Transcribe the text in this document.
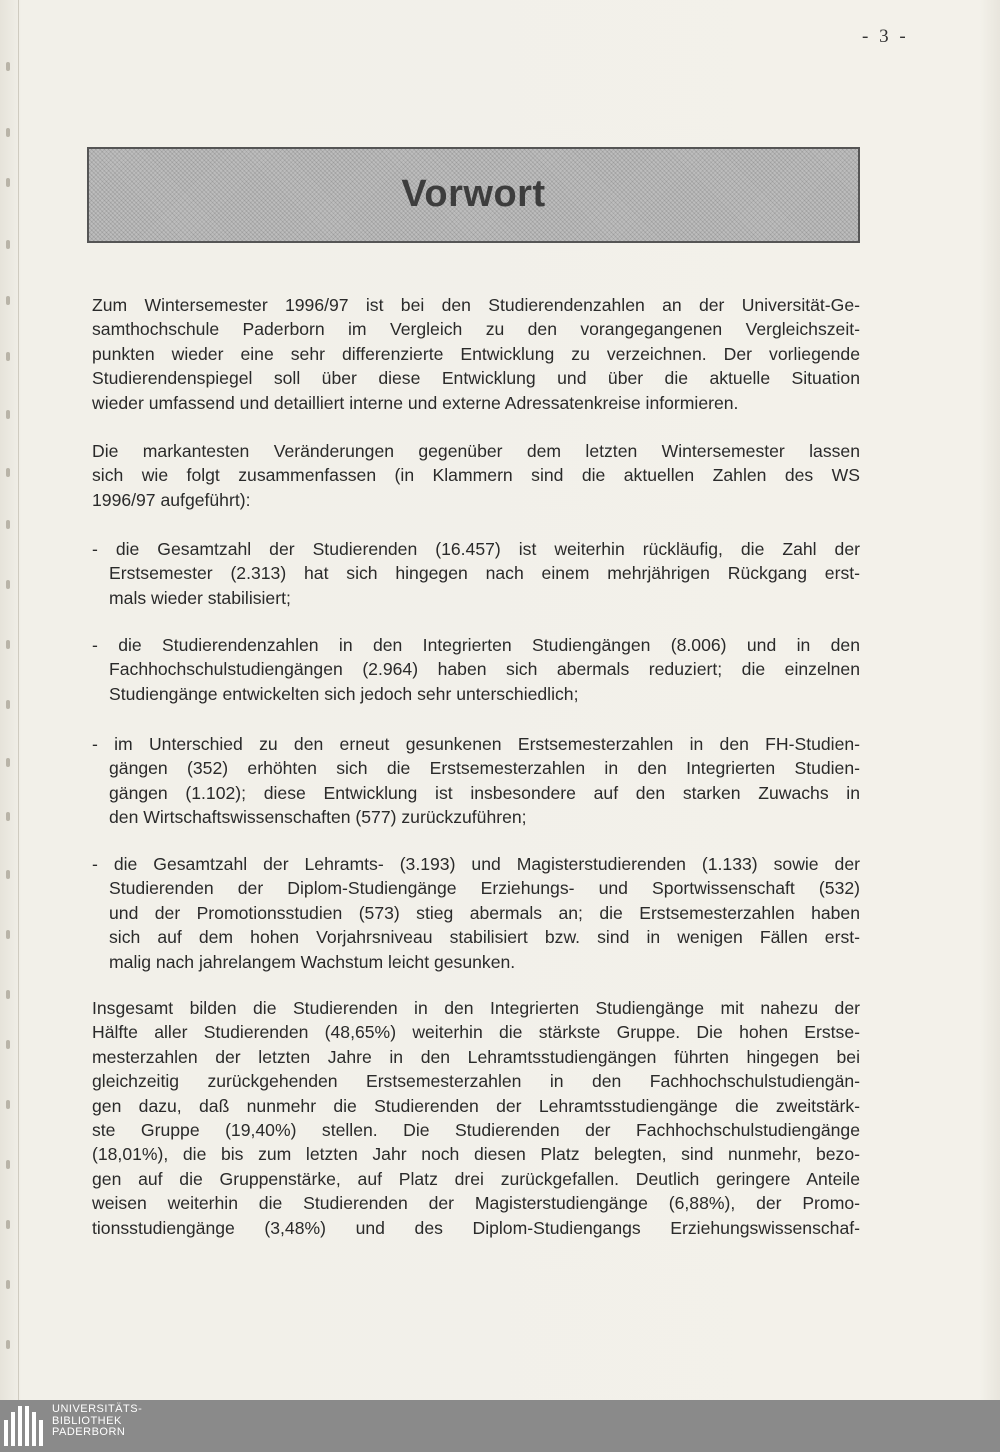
- 3 -
Vorwort
Zum Wintersemester 1996/97 ist bei den Studierendenzahlen an der Universität-Ge-
samthochschule Paderborn im Vergleich zu den vorangegangenen Vergleichszeit-
punkten wieder eine sehr differenzierte Entwicklung zu verzeichnen. Der vorliegende
Studierendenspiegel soll über diese Entwicklung und über die aktuelle Situation
wieder umfassend und detailliert interne und externe Adressatenkreise informieren.
Die markantesten Veränderungen gegenüber dem letzten Wintersemester lassen
sich wie folgt zusammenfassen (in Klammern sind die aktuellen Zahlen des WS
1996/97 aufgeführt):
- die Gesamtzahl der Studierenden (16.457) ist weiterhin rückläufig, die Zahl der
Erstsemester (2.313) hat sich hingegen nach einem mehrjährigen Rückgang erst-
mals wieder stabilisiert;
- die Studierendenzahlen in den Integrierten Studiengängen (8.006) und in den
Fachhochschulstudiengängen (2.964) haben sich abermals reduziert; die einzelnen
Studiengänge entwickelten sich jedoch sehr unterschiedlich;
- im Unterschied zu den erneut gesunkenen Erstsemesterzahlen in den FH-Studien-
gängen (352) erhöhten sich die Erstsemesterzahlen in den Integrierten Studien-
gängen (1.102); diese Entwicklung ist insbesondere auf den starken Zuwachs in
den Wirtschaftswissenschaften (577) zurückzuführen;
- die Gesamtzahl der Lehramts- (3.193) und Magisterstudierenden (1.133) sowie der
Studierenden der Diplom-Studiengänge Erziehungs- und Sportwissenschaft (532)
und der Promotionsstudien (573) stieg abermals an; die Erstsemesterzahlen haben
sich auf dem hohen Vorjahrsniveau stabilisiert bzw. sind in wenigen Fällen erst-
malig nach jahrelangem Wachstum leicht gesunken.
Insgesamt bilden die Studierenden in den Integrierten Studiengänge mit nahezu der
Hälfte aller Studierenden (48,65%) weiterhin die stärkste Gruppe. Die hohen Erstse-
mesterzahlen der letzten Jahre in den Lehramtsstudiengängen führten hingegen bei
gleichzeitig zurückgehenden Erstsemesterzahlen in den Fachhochschulstudiengän-
gen dazu, daß nunmehr die Studierenden der Lehramtsstudiengänge die zweitstärk-
ste Gruppe (19,40%) stellen. Die Studierenden der Fachhochschulstudiengänge
(18,01%), die bis zum letzten Jahr noch diesen Platz belegten, sind nunmehr, bezo-
gen auf die Gruppenstärke, auf Platz drei zurückgefallen. Deutlich geringere Anteile
weisen weiterhin die Studierenden der Magisterstudiengänge (6,88%), der Promo-
tionsstudiengänge (3,48%) und des Diplom-Studiengangs Erziehungswissenschaf-
UNIVERSITÄTS-
BIBLIOTHEK
PADERBORN
